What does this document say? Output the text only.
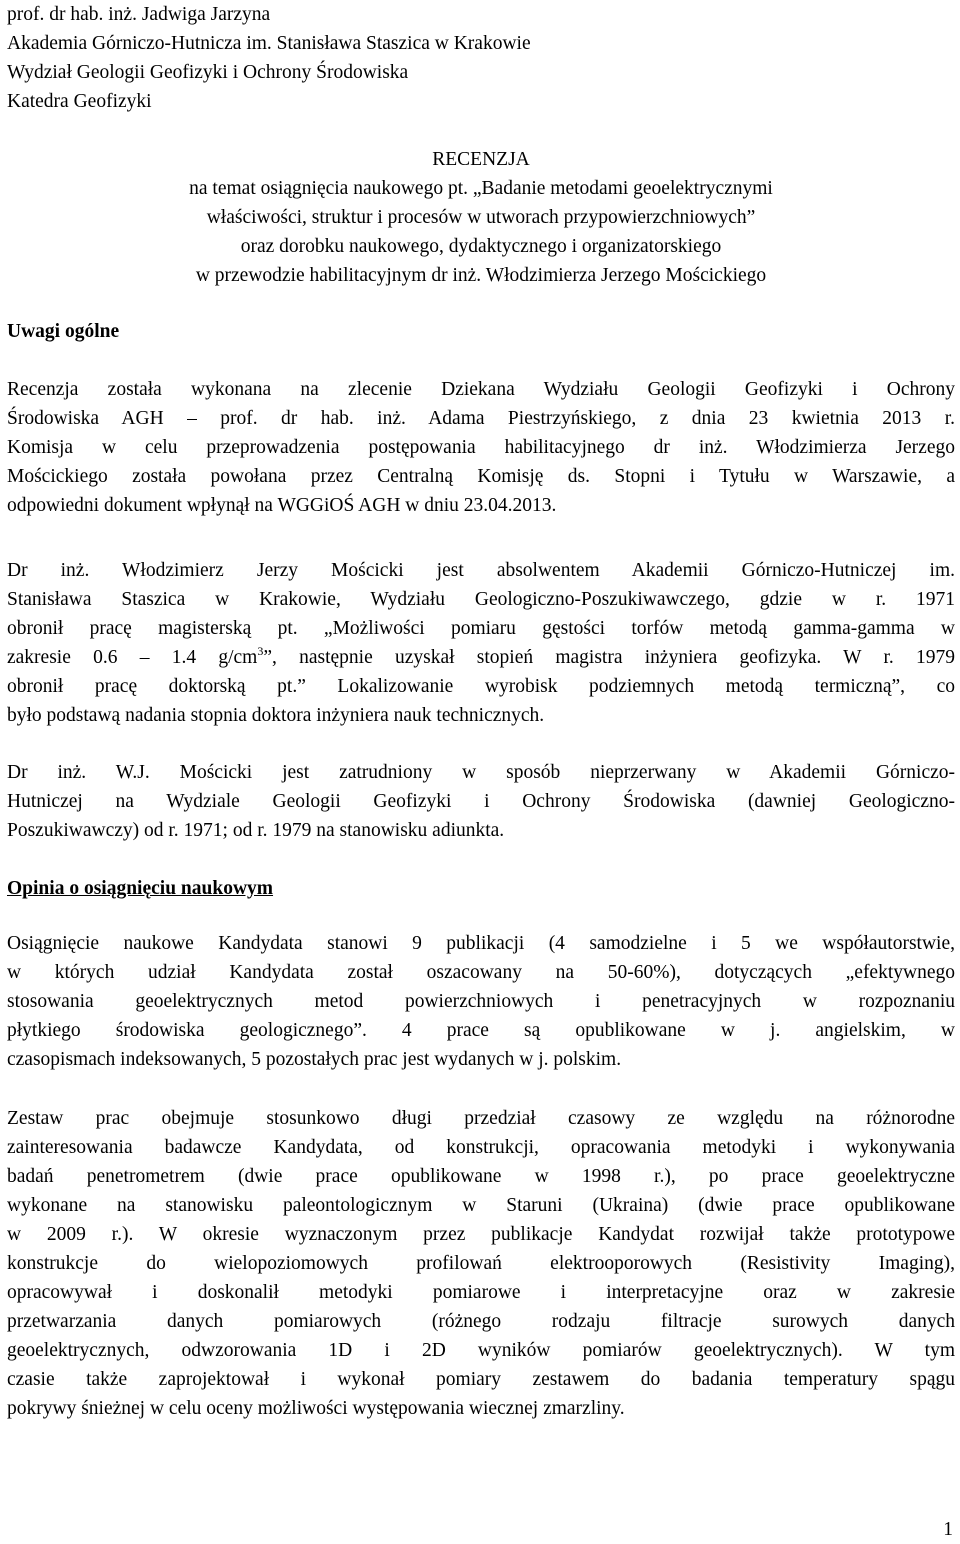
prof. dr hab. inż. Jadwiga Jarzyna
Akademia Górniczo-Hutnicza im. Stanisława Staszica w Krakowie
Wydział Geologii Geofizyki i Ochrony Środowiska
Katedra Geofizyki
RECENZJA
na temat osiągnięcia naukowego pt. „Badanie metodami geoelektrycznymi
właściwości, struktur i procesów w utworach przypowierzchniowych”
oraz dorobku naukowego, dydaktycznego i organizatorskiego
w przewodzie habilitacyjnym dr inż. Włodzimierza Jerzego Mościckiego
Uwagi ogólne
Recenzja została wykonana na zlecenie Dziekana Wydziału Geologii Geofizyki i Ochrony
Środowiska AGH – prof. dr hab. inż. Adama Piestrzyńskiego, z dnia 23 kwietnia 2013 r.
Komisja w celu przeprowadzenia postępowania habilitacyjnego dr inż. Włodzimierza Jerzego
Mościckiego została powołana przez Centralną Komisję ds. Stopni i Tytułu w Warszawie, a
odpowiedni dokument wpłynął na WGGiOŚ AGH w dniu 23.04.2013.
Dr inż. Włodzimierz Jerzy Mościcki jest absolwentem Akademii Górniczo-Hutniczej im.
Stanisława Staszica w Krakowie, Wydziału Geologiczno-Poszukiwawczego, gdzie w r. 1971
obronił pracę magisterską pt. „Możliwości pomiaru gęstości torfów metodą gamma-gamma w
zakresie 0.6 – 1.4 $g/cm^3$”, następnie uzyskał stopień magistra inżyniera geofizyka. W r. 1979
obronił pracę doktorską pt.” Lokalizowanie wyrobisk podziemnych metodą termiczną”, co
było podstawą nadania stopnia doktora inżyniera nauk technicznych.
Dr inż. W.J. Mościcki jest zatrudniony w sposób nieprzerwany w Akademii Górniczo-
Hutniczej na Wydziale Geologii Geofizyki i Ochrony Środowiska (dawniej Geologiczno-
Poszukiwawczy) od r. 1971; od r. 1979 na stanowisku adiunkta.
Opinia o osiągnięciu naukowym
Osiągnięcie naukowe Kandydata stanowi 9 publikacji (4 samodzielne i 5 we współautorstwie,
w których udział Kandydata został oszacowany na 50-60%), dotyczących „efektywnego
stosowania geoelektrycznych metod powierzchniowych i penetracyjnych w rozpoznaniu
płytkiego środowiska geologicznego”. 4 prace są opublikowane w j. angielskim, w
czasopismach indeksowanych, 5 pozostałych prac jest wydanych w j. polskim.
Zestaw prac obejmuje stosunkowo długi przedział czasowy ze względu na różnorodne
zainteresowania badawcze Kandydata, od konstrukcji, opracowania metodyki i wykonywania
badań penetrometrem (dwie prace opublikowane w 1998 r.), po prace geoelektryczne
wykonane na stanowisku paleontologicznym w Staruni (Ukraina) (dwie prace opublikowane
w 2009 r.). W okresie wyznaczonym przez publikacje Kandydat rozwijał także prototypowe
konstrukcje do wielopoziomowych profilowań elektrooporowych (Resistivity Imaging),
opracowywał i doskonalił metodyki pomiarowe i interpretacyjne oraz w zakresie
przetwarzania danych pomiarowych (różnego rodzaju filtracje surowych danych
geoelektrycznych, odwzorowania 1D i 2D wyników pomiarów geoelektrycznych). W tym
czasie także zaprojektował i wykonał pomiary zestawem do badania temperatury spągu
pokrywy śnieżnej w celu oceny możliwości występowania wiecznej zmarzliny.
1
